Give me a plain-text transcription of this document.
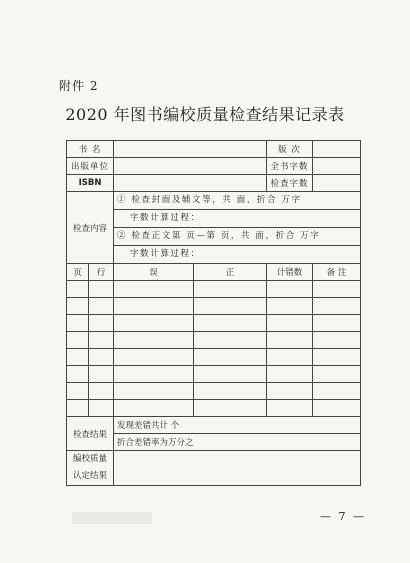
附件 2
2020 年图书编校质量检查结果记录表
书 名				版 次	
出版单位				全书字数	
ISBN				检查字数	
检查内容		① 检查封面及辅文等，共 面，折合 万字			
		字数计算过程：			
		② 检查正文第 页—第 页，共 面，折合 万字			
		字数计算过程：			
页	行	误	正	计错数	备 注

检查结果		发现差错共计 个			
		折合差错率为万分之			

编校质量
认定结果					

— 7 —
